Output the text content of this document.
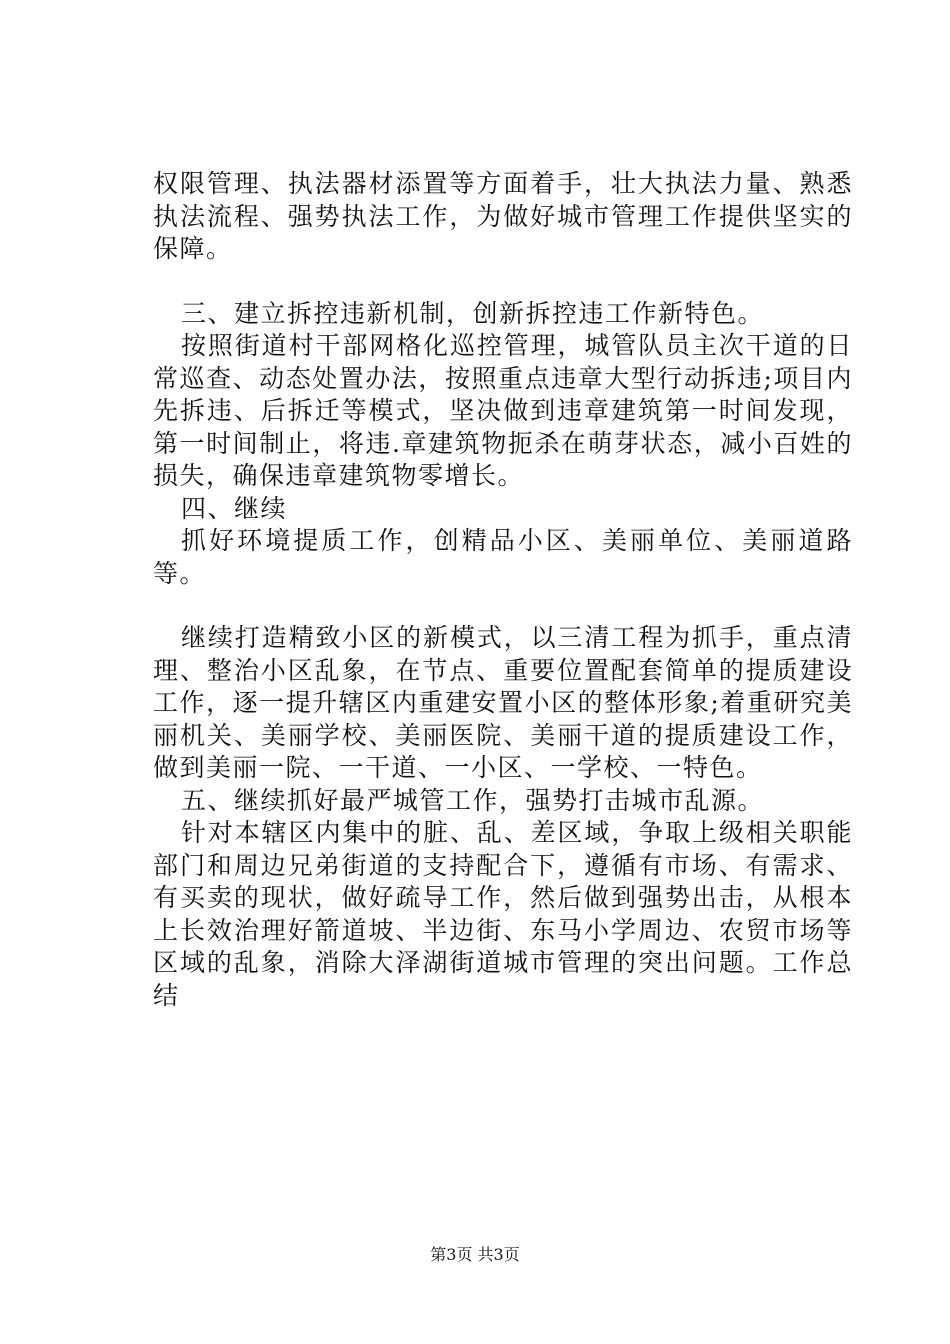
权限管理、执法器材添置等方面着手，壮大执法力量、熟悉执法流程、强势执法工作，为做好城市管理工作提供坚实的保障。

三、建立拆控违新机制，创新拆控违工作新特色。

按照街道村干部网格化巡控管理，城管队员主次干道的日常巡查、动态处置办法，按照重点违章大型行动拆违;项目内先拆违、后拆迁等模式，坚决做到违章建筑第一时间发现，第一时间制止，将违.章建筑物扼杀在萌芽状态，减小百姓的损失，确保违章建筑物零增长。

四、继续

抓好环境提质工作，创精品小区、美丽单位、美丽道路等。

继续打造精致小区的新模式，以三清工程为抓手，重点清理、整治小区乱象，在节点、重要位置配套简单的提质建设工作，逐一提升辖区内重建安置小区的整体形象;着重研究美丽机关、美丽学校、美丽医院、美丽干道的提质建设工作，做到美丽一院、一干道、一小区、一学校、一特色。

五、继续抓好最严城管工作，强势打击城市乱源。

针对本辖区内集中的脏、乱、差区域，争取上级相关职能部门和周边兄弟街道的支持配合下，遵循有市场、有需求、有买卖的现状，做好疏导工作，然后做到强势出击，从根本上长效治理好箭道坡、半边街、东马小学周边、农贸市场等区域的乱象，消除大泽湖街道城市管理的突出问题。工作总结

第3页 共3页
